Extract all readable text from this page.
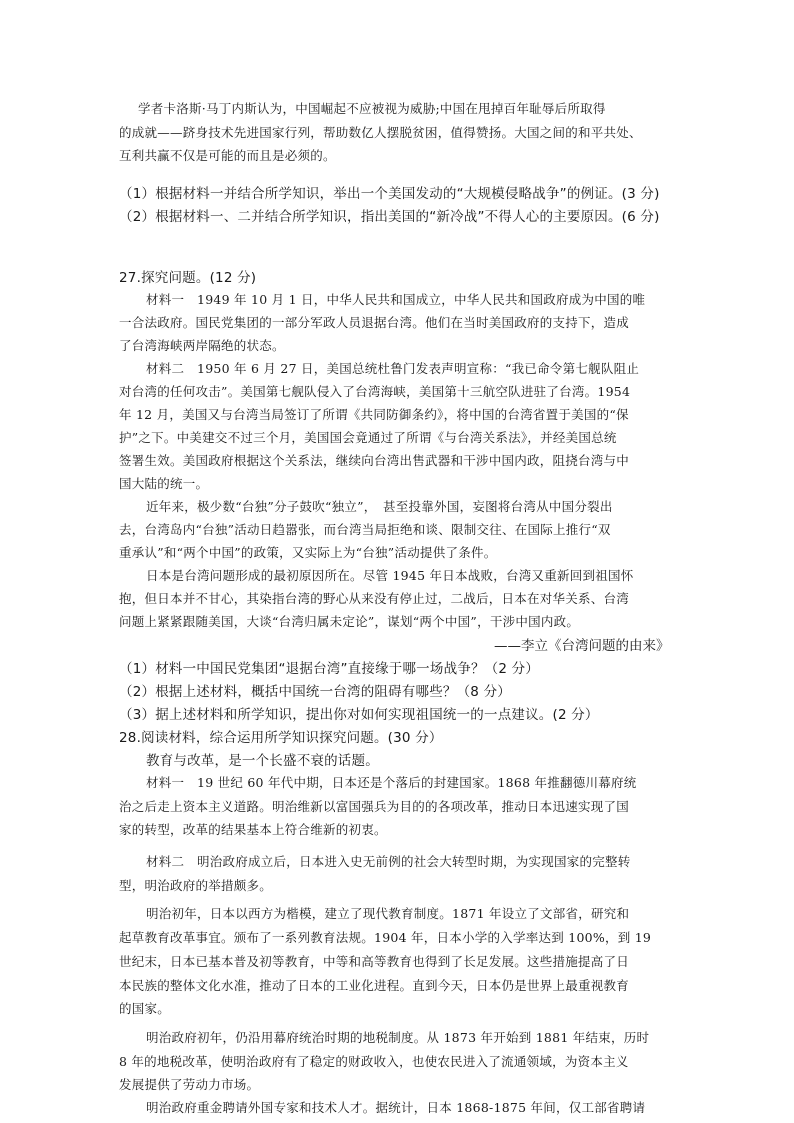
学者卡洛斯·马丁内斯认为，中国崛起不应被视为威胁;中国在甩掉百年耻辱后所取得
的成就——跻身技术先进国家行列，帮助数亿人摆脱贫困，值得赞扬。大国之间的和平共处、
互利共赢不仅是可能的而且是必须的。
（1）根据材料一并结合所学知识，举出一个美国发动的“大规模侵略战争”的例证。(3 分)
（2）根据材料一、二并结合所学知识，指出美国的“新冷战”不得人心的主要原因。(6 分)
27.探究问题。(12 分)
材料一　1949 年 10 月 1 日，中华人民共和国成立，中华人民共和国政府成为中国的唯
一合法政府。国民党集团的一部分军政人员退据台湾。他们在当时美国政府的支持下，造成
了台湾海峡两岸隔绝的状态。
材料二　1950 年 6 月 27 日，美国总统杜鲁门发表声明宣称：“我已命令第七舰队阻止
对台湾的任何攻击”。美国第七舰队侵入了台湾海峡，美国第十三航空队进驻了台湾。1954
年 12 月，美国又与台湾当局签订了所谓《共同防御条约》，将中国的台湾省置于美国的“保
护”之下。中美建交不过三个月，美国国会竟通过了所谓《与台湾关系法》，并经美国总统
签署生效。美国政府根据这个关系法，继续向台湾出售武器和干涉中国内政，阻挠台湾与中
国大陆的统一。
近年来，极少数“台独”分子鼓吹“独立”，　甚至投靠外国，妄图将台湾从中国分裂出
去，台湾岛内“台独”活动日趋嚣张，而台湾当局拒绝和谈、限制交往、在国际上推行“双
重承认”和“两个中国”的政策，又实际上为“台独”活动提供了条件。
日本是台湾问题形成的最初原因所在。尽管 1945 年日本战败，台湾又重新回到祖国怀
抱，但日本并不甘心，其染指台湾的野心从来没有停止过，二战后，日本在对华关系、台湾
问题上紧紧跟随美国，大谈“台湾归属未定论”，谋划“两个中国”，干涉中国内政。
——李立《台湾问题的由来》
（1）材料一中国民党集团“退据台湾”直接缘于哪一场战争？（2 分）
（2）根据上述材料，概括中国统一台湾的阻碍有哪些？（8 分）
（3）据上述材料和所学知识，提出你对如何实现祖国统一的一点建议。(2 分）
28.阅读材料，综合运用所学知识探究问题。(30 分）
教育与改革，是一个长盛不衰的话题。
材料一　19 世纪 60 年代中期，日本还是个落后的封建国家。1868 年推翻德川幕府统
治之后走上资本主义道路。明治维新以富国强兵为目的的各项改革，推动日本迅速实现了国
家的转型，改革的结果基本上符合维新的初衷。
材料二　明治政府成立后，日本进入史无前例的社会大转型时期，为实现国家的完整转
型，明治政府的举措颇多。
明治初年，日本以西方为楷模，建立了现代教育制度。1871 年设立了文部省，研究和
起草教育改革事宜。颁布了一系列教育法规。1904 年，日本小学的入学率达到 100%，到 19
世纪末，日本已基本普及初等教育，中等和高等教育也得到了长足发展。这些措施提高了日
本民族的整体文化水准，推动了日本的工业化进程。直到今天，日本仍是世界上最重视教育
的国家。
明治政府初年，仍沿用幕府统治时期的地税制度。从 1873 年开始到 1881 年结束，历时
8 年的地税改革，使明治政府有了稳定的财政收入，也使农民进入了流通领域，为资本主义
发展提供了劳动力市场。
明治政府重金聘请外国专家和技术人才。据统计，日本 1868-1875 年间，仅工部省聘请
